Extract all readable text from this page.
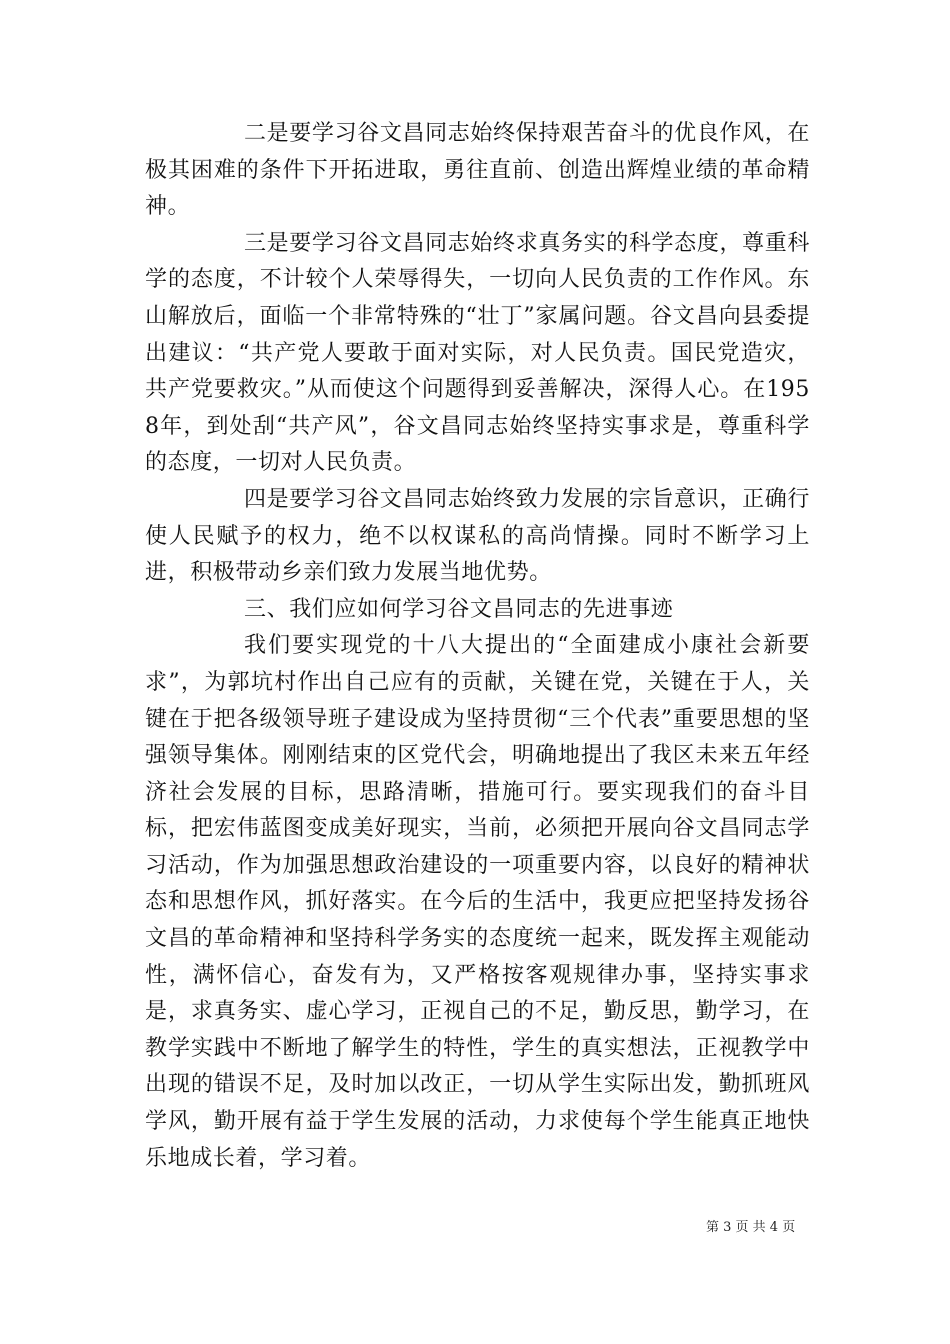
二是要学习谷文昌同志始终保持艰苦奋斗的优良作风，在极其困难的条件下开拓进取，勇往直前、创造出辉煌业绩的革命精神。

三是要学习谷文昌同志始终求真务实的科学态度，尊重科学的态度，不计较个人荣辱得失，一切向人民负责的工作作风。东山解放后，面临一个非常特殊的“壮丁”家属问题。谷文昌向县委提出建议：“共产党人要敢于面对实际，对人民负责。国民党造灾，共产党要救灾。”从而使这个问题得到妥善解决，深得人心。在1958年，到处刮“共产风”，谷文昌同志始终坚持实事求是，尊重科学的态度，一切对人民负责。

四是要学习谷文昌同志始终致力发展的宗旨意识，正确行使人民赋予的权力，绝不以权谋私的高尚情操。同时不断学习上进，积极带动乡亲们致力发展当地优势。

三、我们应如何学习谷文昌同志的先进事迹

我们要实现党的十八大提出的“全面建成小康社会新要求”，为郭坑村作出自己应有的贡献，关键在党，关键在于人，关键在于把各级领导班子建设成为坚持贯彻“三个代表”重要思想的坚强领导集体。刚刚结束的区党代会，明确地提出了我区未来五年经济社会发展的目标，思路清晰，措施可行。要实现我们的奋斗目标，把宏伟蓝图变成美好现实，当前，必须把开展向谷文昌同志学习活动，作为加强思想政治建设的一项重要内容，以良好的精神状态和思想作风，抓好落实。在今后的生活中，我更应把坚持发扬谷文昌的革命精神和坚持科学务实的态度统一起来，既发挥主观能动性，满怀信心，奋发有为，又严格按客观规律办事，坚持实事求是，求真务实、虚心学习，正视自己的不足，勤反思，勤学习，在教学实践中不断地了解学生的特性，学生的真实想法，正视教学中出现的错误不足，及时加以改正，一切从学生实际出发，勤抓班风学风，勤开展有益于学生发展的活动，力求使每个学生能真正地快乐地成长着，学习着。

第 3 页 共 4 页
